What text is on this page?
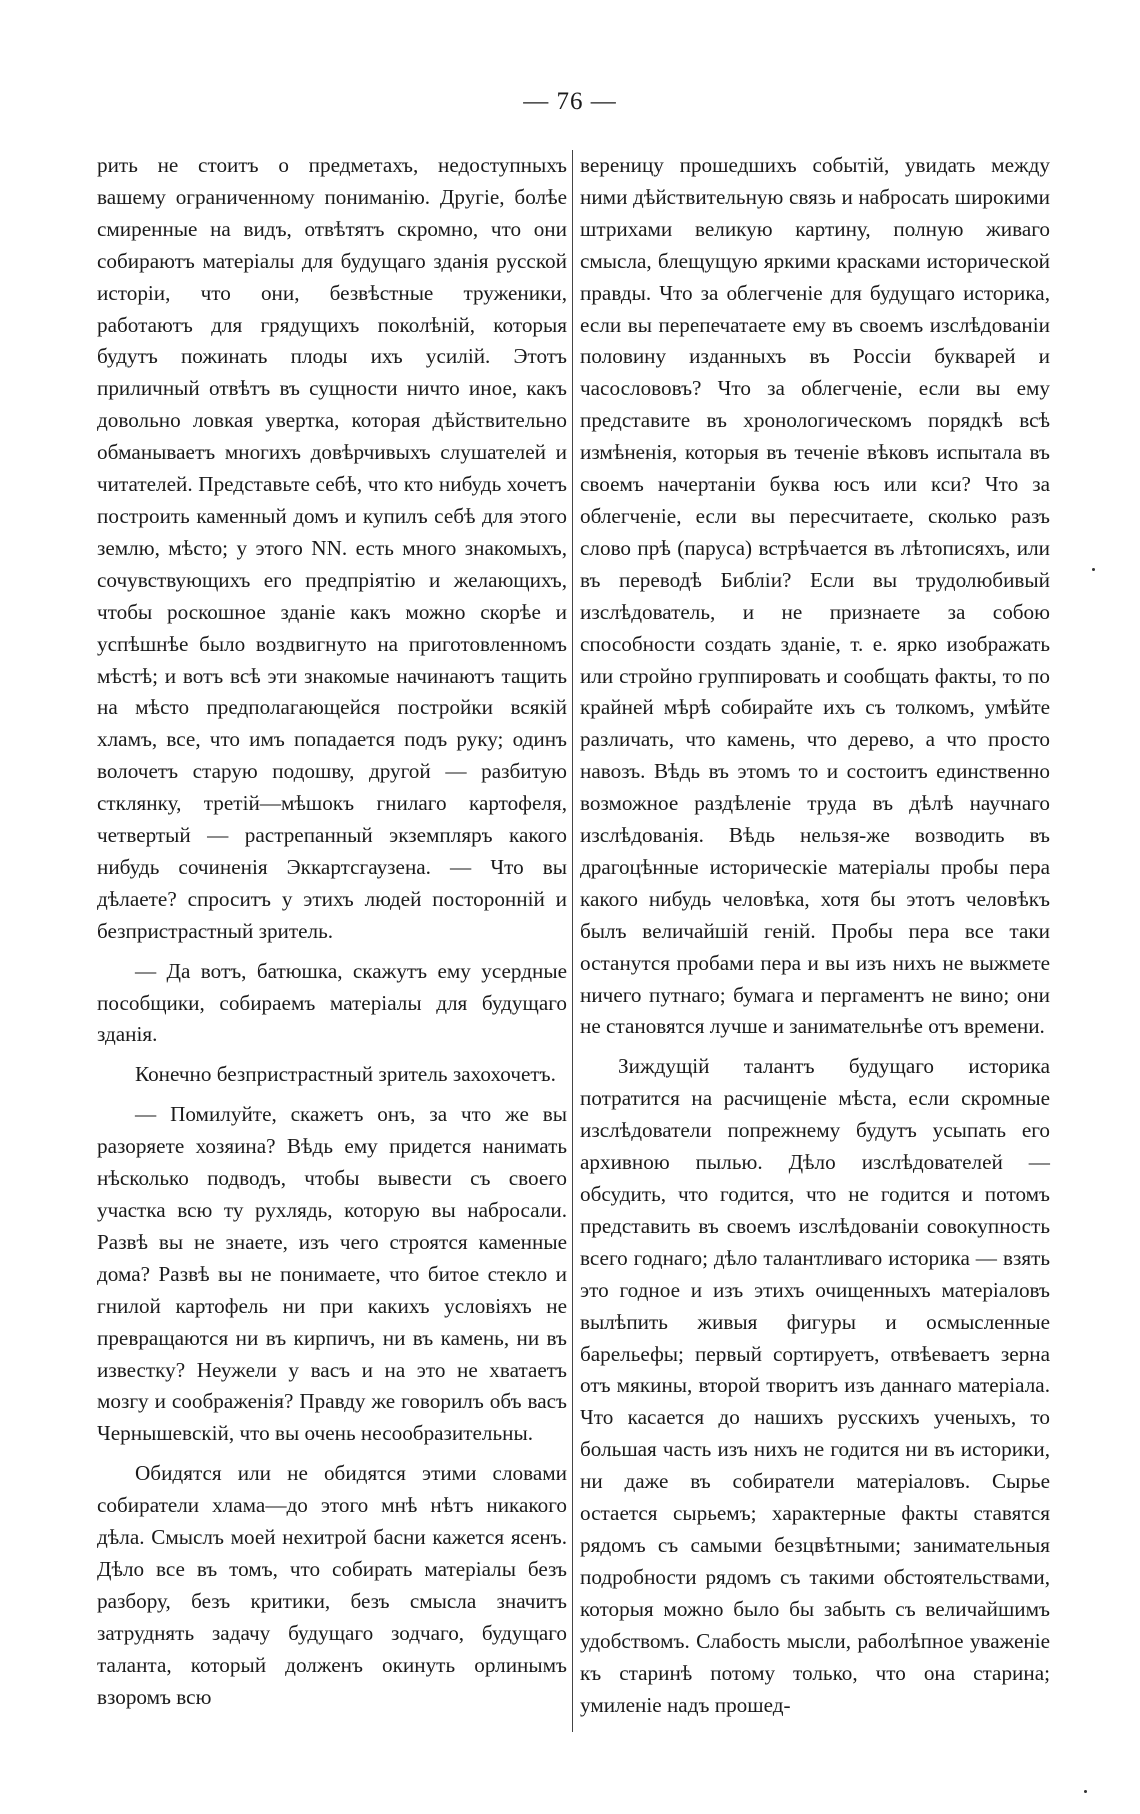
— 76 —

рить не стоитъ о предметахъ, недоступныхъ вашему ограниченному пониманію. Другіе, болѣе смиренные на видъ, отвѣтятъ скромно, что они собираютъ матеріалы для будущаго зданія русской исторіи, что они, безвѣстные труженики, работаютъ для грядущихъ поколѣній, которыя будутъ пожинать плоды ихъ усилій. Этотъ приличный отвѣтъ въ сущности ничто иное, какъ довольно ловкая увертка, которая дѣйствительно обманываетъ многихъ довѣрчивыхъ слушателей и читателей. Представьте себѣ, что кто нибудь хочетъ построить каменный домъ и купилъ себѣ для этого землю, мѣсто; у этого NN. есть много знакомыхъ, сочувствующихъ его предпріятію и желающихъ, чтобы роскошное зданіе какъ можно скорѣе и успѣшнѣе было воздвигнуто на приготовленномъ мѣстѣ; и вотъ всѣ эти знакомые начинаютъ тащить на мѣсто предполагающейся постройки всякій хламъ, все, что имъ попадается подъ руку; одинъ волочетъ старую подошву, другой — разбитую стклянку, третій—мѣшокъ гнилаго картофеля, четвертый — растрепанный экземпляръ какого нибудь сочиненія Эккартсгаузена. — Что вы дѣлаете? спроситъ у этихъ людей посторонній и безпристрастный зритель.

— Да вотъ, батюшка, скажутъ ему усердные пособщики, собираемъ матеріалы для будущаго зданія.

Конечно безпристрастный зритель захохочетъ.

— Помилуйте, скажетъ онъ, за что же вы разоряете хозяина? Вѣдь ему придется нанимать нѣсколько подводъ, чтобы вывести съ своего участка всю ту рухлядь, которую вы набросали. Развѣ вы не знаете, изъ чего строятся каменные дома? Развѣ вы не понимаете, что битое стекло и гнилой картофель ни при какихъ условіяхъ не превращаются ни въ кирпичъ, ни въ камень, ни въ известку? Неужели у васъ и на это не хватаетъ мозгу и соображенія? Правду же говорилъ объ васъ Чернышевскій, что вы очень несообразительны.

Обидятся или не обидятся этими словами собиратели хлама—до этого мнѣ нѣтъ никакого дѣла. Смыслъ моей нехитрой басни кажется яcенъ. Дѣло все въ томъ, что собирать матеріалы безъ разбору, безъ критики, безъ смысла значитъ затруднять задачу будущаго зодчаго, будущаго таланта, который долженъ окинуть орлинымъ взоромъ всю

вереницу прошедшихъ событій, увидать между ними дѣйствительную связь и набросать широкими штрихами великую картину, полную живаго смысла, блещущую яркими красками исторической правды. Что за облегченіе для будущаго историка, если вы перепечатаете ему въ своемъ изслѣдованіи половину изданныхъ въ Россіи букварей и часослововъ? Что за облегченіе, если вы ему представите въ хронологическомъ порядкѣ всѣ измѣненія, которыя въ теченіе вѣковъ испытала въ своемъ начертаніи буква юсъ или кси? Что за облегченіе, если вы пересчитаете, сколько разъ слово прѣ (паруса) встрѣчается въ лѣтописяхъ, или въ переводѣ Библіи? Если вы трудолюбивый изслѣдователь, и не признаете за собою способности создать зданіе, т. е. ярко изображать или стройно группировать и сообщать факты, то по крайней мѣрѣ собирайте ихъ съ толкомъ, умѣйте различать, что камень, что дерево, а что просто навозъ. Вѣдь въ этомъ то и состоитъ единственно возможное раздѣленіе труда въ дѣлѣ научнаго изслѣдованія. Вѣдь нельзя-же возводить въ драгоцѣнные историческіе матеріалы пробы пера какого нибудь человѣка, хотя бы этотъ человѣкъ былъ величайшій геній. Пробы пера все таки останутся пробами пера и вы изъ нихъ не выжмете ничего путнаго; бумага и пергаментъ не вино; они не становятся лучше и занимательнѣе отъ времени.

Зиждущій талантъ будущаго историка потратится на расчищеніе мѣста, если скромные изслѣдователи попрежнему будутъ усыпать его архивною пылью. Дѣло изслѣдователей — обсудить, что годится, что не годится и потомъ представить въ своемъ изслѣдованіи совокупность всего годнаго; дѣло талантливаго историка — взять это годное и изъ этихъ очищенныхъ матеріаловъ вылѣпить живыя фигуры и осмысленные барельефы; первый сортируетъ, отвѣеваетъ зерна отъ мякины, второй творитъ изъ даннаго матеріала. Что касается до нашихъ русскихъ ученыхъ, то большая часть изъ нихъ не годится ни въ историки, ни даже въ собиратели матеріаловъ. Сырье остается сырьемъ; характерные факты ставятся рядомъ съ самыми безцвѣтными; занимательныя подробности рядомъ съ такими обстоятельствами, которыя можно было бы забыть съ величайшимъ удобствомъ. Слабость мысли, раболѣпное уваженіе къ старинѣ потому только, что она старина; умиленіе надъ прошед-
